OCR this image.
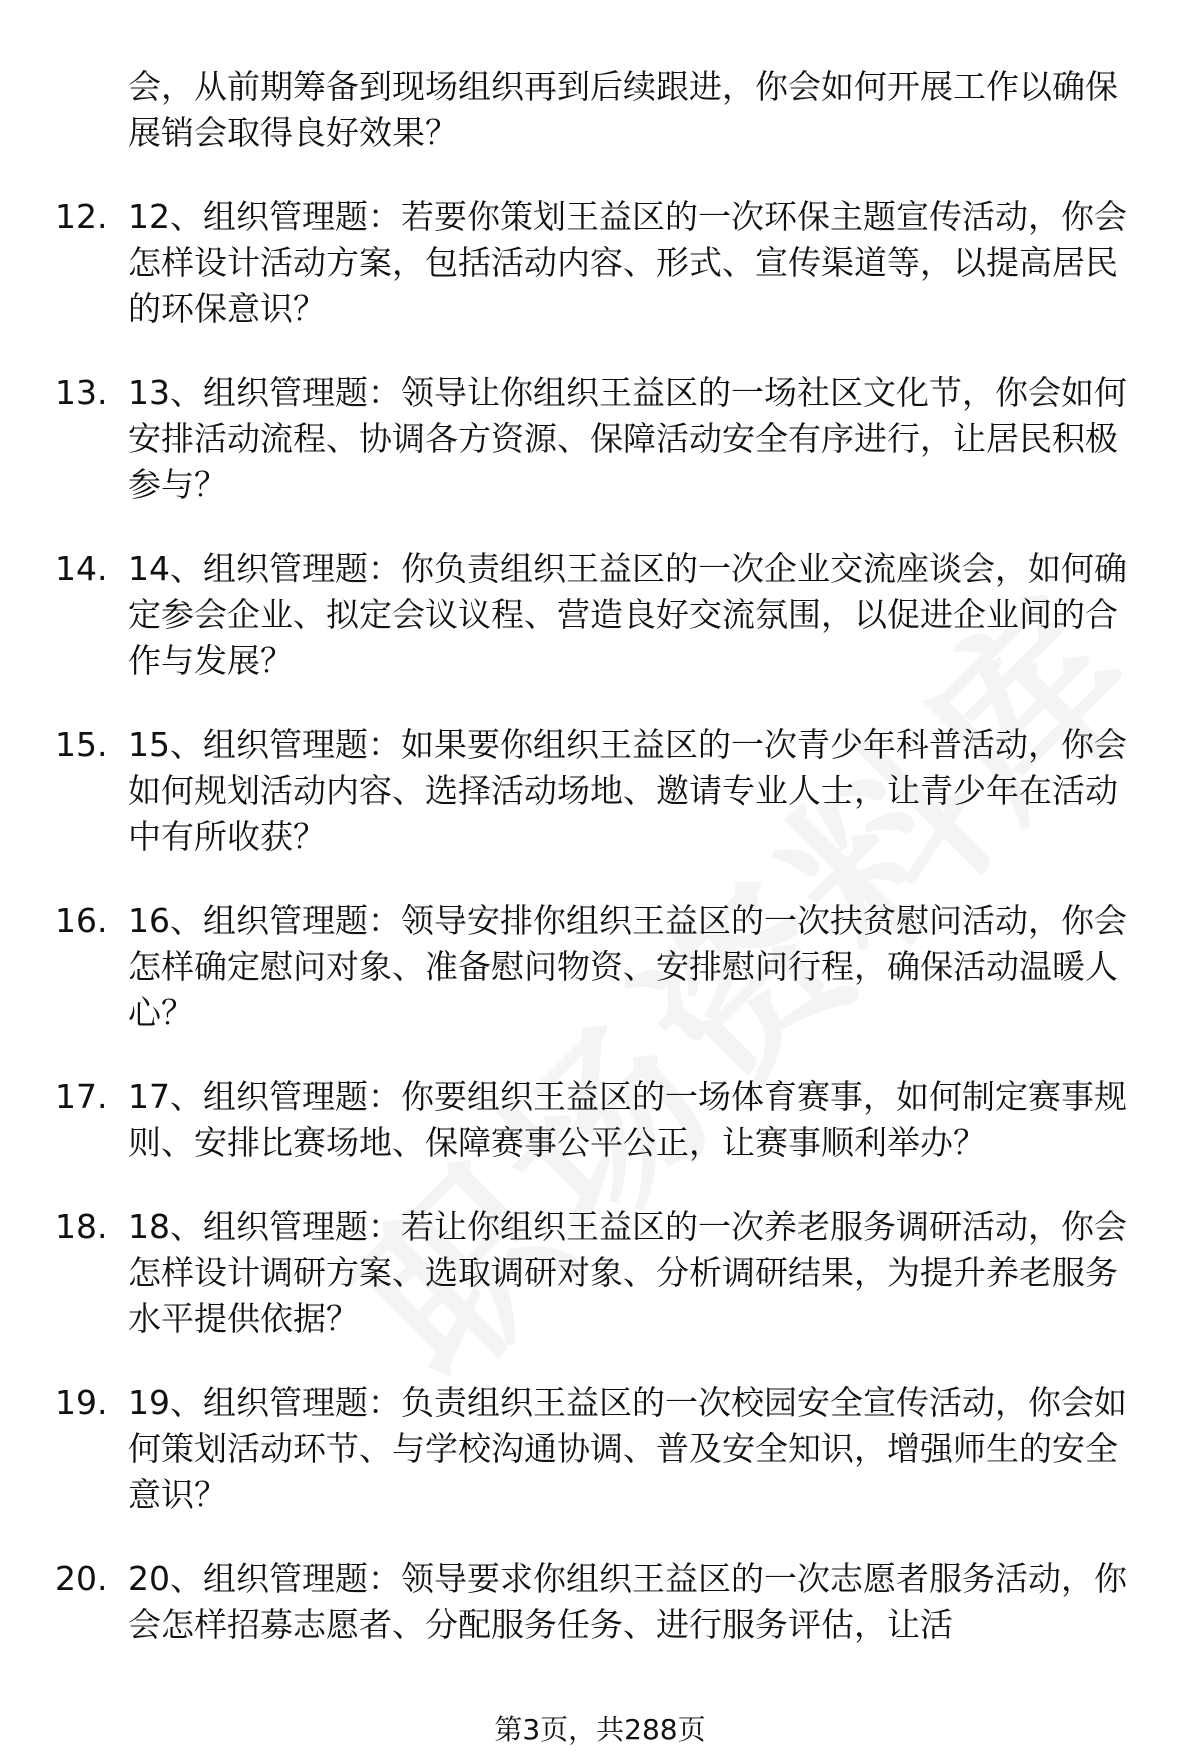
会，从前期筹备到现场组织再到后续跟进，你会如何开展工作以确保展销会取得良好效果？
12. 12、组织管理题：若要你策划王益区的一次环保主题宣传活动，你会怎样设计活动方案，包括活动内容、形式、宣传渠道等，以提高居民的环保意识？
13. 13、组织管理题：领导让你组织王益区的一场社区文化节，你会如何安排活动流程、协调各方资源、保障活动安全有序进行，让居民积极参与？
14. 14、组织管理题：你负责组织王益区的一次企业交流座谈会，如何确定参会企业、拟定会议议程、营造良好交流氛围，以促进企业间的合作与发展？
15. 15、组织管理题：如果要你组织王益区的一次青少年科普活动，你会如何规划活动内容、选择活动场地、邀请专业人士，让青少年在活动中有所收获？
16. 16、组织管理题：领导安排你组织王益区的一次扶贫慰问活动，你会怎样确定慰问对象、准备慰问物资、安排慰问行程，确保活动温暖人心？
17. 17、组织管理题：你要组织王益区的一场体育赛事，如何制定赛事规则、安排比赛场地、保障赛事公平公正，让赛事顺利举办？
18. 18、组织管理题：若让你组织王益区的一次养老服务调研活动，你会怎样设计调研方案、选取调研对象、分析调研结果，为提升养老服务水平提供依据？
19. 19、组织管理题：负责组织王益区的一次校园安全宣传活动，你会如何策划活动环节、与学校沟通协调、普及安全知识，增强师生的安全意识？
20. 20、组织管理题：领导要求你组织王益区的一次志愿者服务活动，你会怎样招募志愿者、分配服务任务、进行服务评估，让活
第3页，共288页
